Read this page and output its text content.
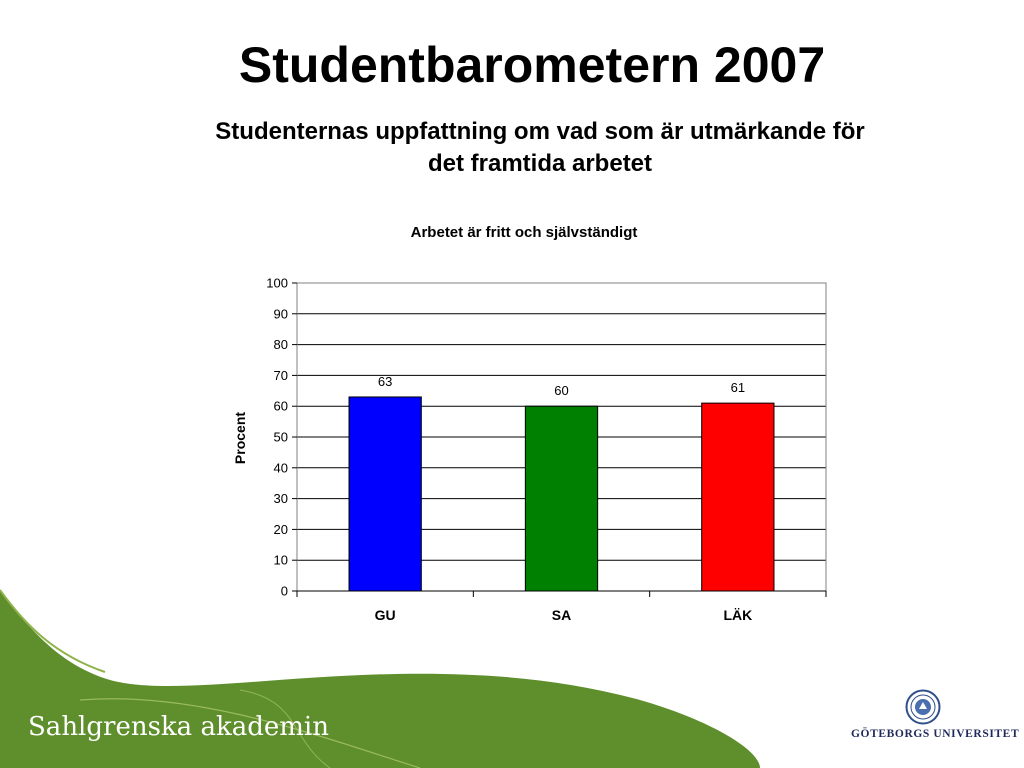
Studentbarometern 2007

Studenternas uppfattning om vad som är utmärkande för det framtida arbetet

Arbetet är fritt och självständigt
Procent
0
10
20
30
40
50
60
70
80
90
100
63
60	61
GU	SA	LÄK
Sahlgrenska akademin	GÖTEBORGS UNIVERSITET
